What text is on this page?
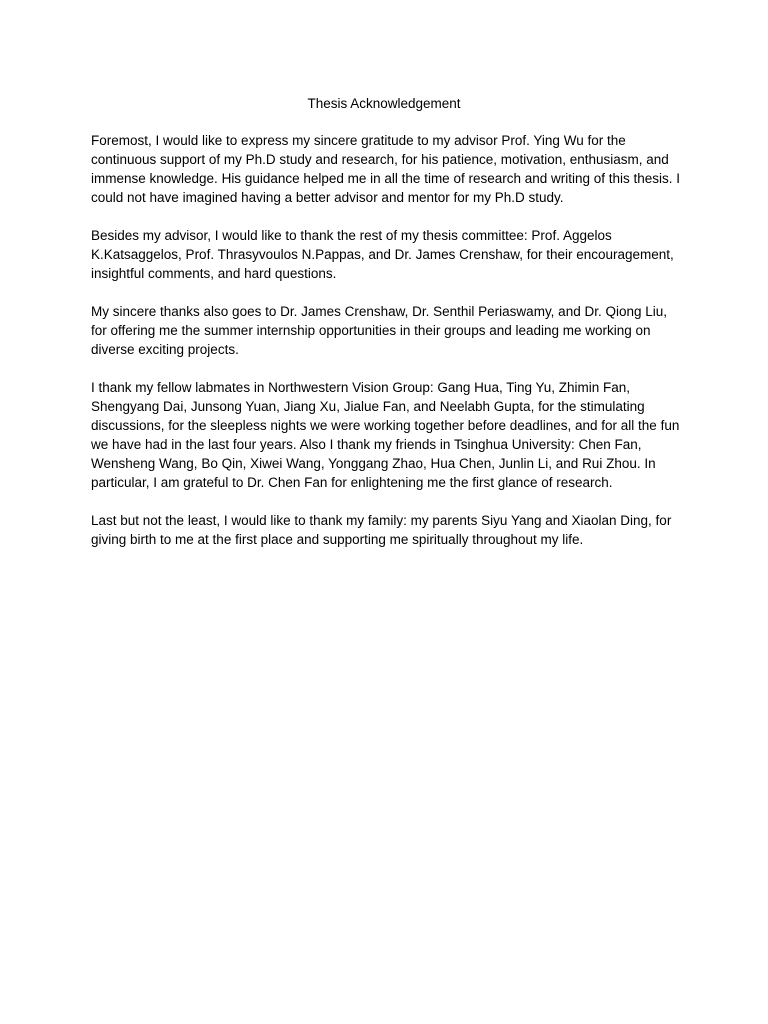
Thesis Acknowledgement

Foremost, I would like to express my sincere gratitude to my advisor Prof. Ying Wu for the continuous support of my Ph.D study and research, for his patience, motivation, enthusiasm, and immense knowledge. His guidance helped me in all the time of research and writing of this thesis. I could not have imagined having a better advisor and mentor for my Ph.D study.

Besides my advisor, I would like to thank the rest of my thesis committee: Prof. Aggelos K.Katsaggelos, Prof. Thrasyvoulos N.Pappas, and Dr. James Crenshaw, for their encouragement, insightful comments, and hard questions.

My sincere thanks also goes to Dr. James Crenshaw, Dr. Senthil Periaswamy, and Dr. Qiong Liu, for offering me the summer internship opportunities in their groups and leading me working on diverse exciting projects.

I thank my fellow labmates in Northwestern Vision Group: Gang Hua, Ting Yu, Zhimin Fan, Shengyang Dai, Junsong Yuan, Jiang Xu, Jialue Fan, and Neelabh Gupta, for the stimulating discussions, for the sleepless nights we were working together before deadlines, and for all the fun we have had in the last four years. Also I thank my friends in Tsinghua University: Chen Fan, Wensheng Wang, Bo Qin, Xiwei Wang, Yonggang Zhao, Hua Chen, Junlin Li, and Rui Zhou. In particular, I am grateful to Dr. Chen Fan for enlightening me the first glance of research.

Last but not the least, I would like to thank my family: my parents Siyu Yang and Xiaolan Ding, for giving birth to me at the first place and supporting me spiritually throughout my life.
